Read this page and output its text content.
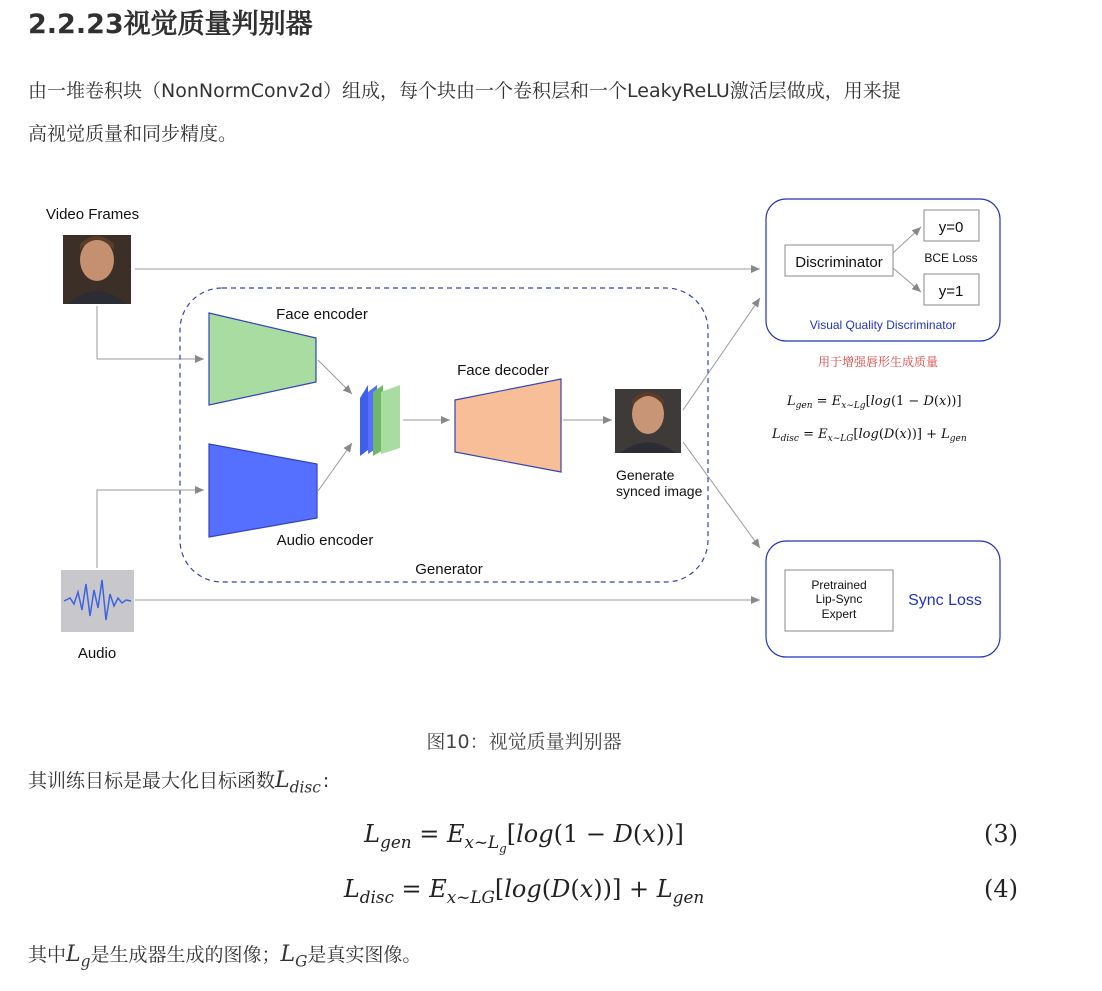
2.2.23视觉质量判别器
由一堆卷积块（NonNormConv2d）组成，每个块由一个卷积层和一个LeakyReLU激活层做成，用来提
高视觉质量和同步精度。
Video Frames
Generator
Face encoder
Audio encoder
Face decoder
Generate
synced image
Audio
Discriminator
y=0
BCE Loss
y=1
Visual Quality Discriminator
用于增强唇形生成质量
$L_{gen} = E_{x\sim Lg}[\log(1 - D(x))]$
$L_{disc} = E_{x\sim LG}[\log(D(x))] + L_{gen}$
Pretrained
Lip-Sync
Expert
Sync Loss
图10：视觉质量判别器
其训练目标是最大化目标函数$L_{disc}$ :
$L_{gen} = E_{x\sim L_g}[\log(1 - D(x))]$	(3)
$L_{disc} = E_{x\sim LG}[\log(D(x))] + L_{gen}$	(4)
其中$L_g$是生成器生成的图像；$L_G$是真实图像。
